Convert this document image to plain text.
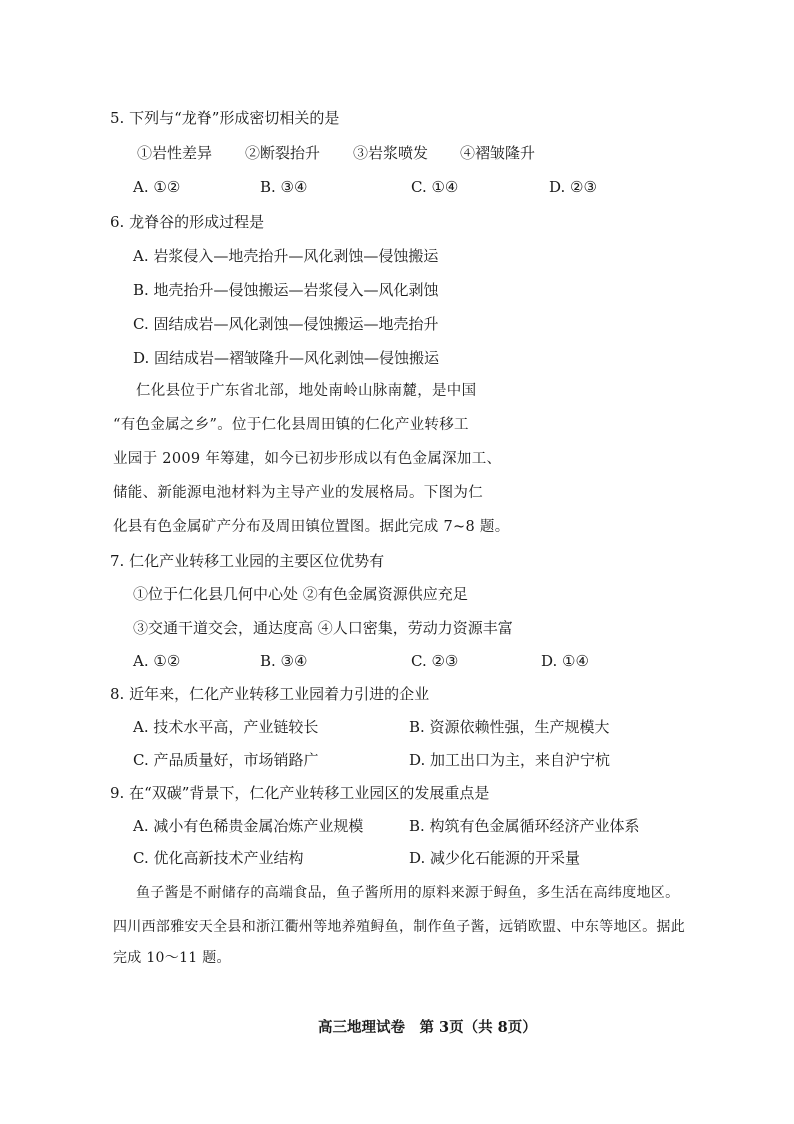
5. 下列与“龙脊”形成密切相关的是
①岩性差异 ②断裂抬升 ③岩浆喷发 ④褶皱隆升
A. ①②	B. ③④	C. ①④	D. ②③
6. 龙脊谷的形成过程是
A. 岩浆侵入—地壳抬升—风化剥蚀—侵蚀搬运
B. 地壳抬升—侵蚀搬运—岩浆侵入—风化剥蚀
C. 固结成岩—风化剥蚀—侵蚀搬运—地壳抬升
D. 固结成岩—褶皱隆升—风化剥蚀—侵蚀搬运
仁化县位于广东省北部，地处南岭山脉南麓，是中国
“有色金属之乡”。位于仁化县周田镇的仁化产业转移工
业园于 2009 年筹建，如今已初步形成以有色金属深加工、
储能、新能源电池材料为主导产业的发展格局。下图为仁
化县有色金属矿产分布及周田镇位置图。据此完成 7~8 题。
7. 仁化产业转移工业园的主要区位优势有
①位于仁化县几何中心处 ②有色金属资源供应充足
③交通干道交会，通达度高 ④人口密集，劳动力资源丰富
A. ①②	B. ③④	C. ②③	D. ①④
8. 近年来，仁化产业转移工业园着力引进的企业
A. 技术水平高，产业链较长	B. 资源依赖性强，生产规模大
C. 产品质量好，市场销路广	D. 加工出口为主，来自沪宁杭
9. 在“双碳”背景下，仁化产业转移工业园区的发展重点是
A. 减小有色稀贵金属冶炼产业规模	B. 构筑有色金属循环经济产业体系
C. 优化高新技术产业结构	D. 减少化石能源的开采量
鱼子酱是不耐储存的高端食品，鱼子酱所用的原料来源于鲟鱼，多生活在高纬度地区。
四川西部雅安天全县和浙江衢州等地养殖鲟鱼，制作鱼子酱，远销欧盟、中东等地区。据此
完成 10～11 题。
高三地理试卷　第 3页（共 8页）
